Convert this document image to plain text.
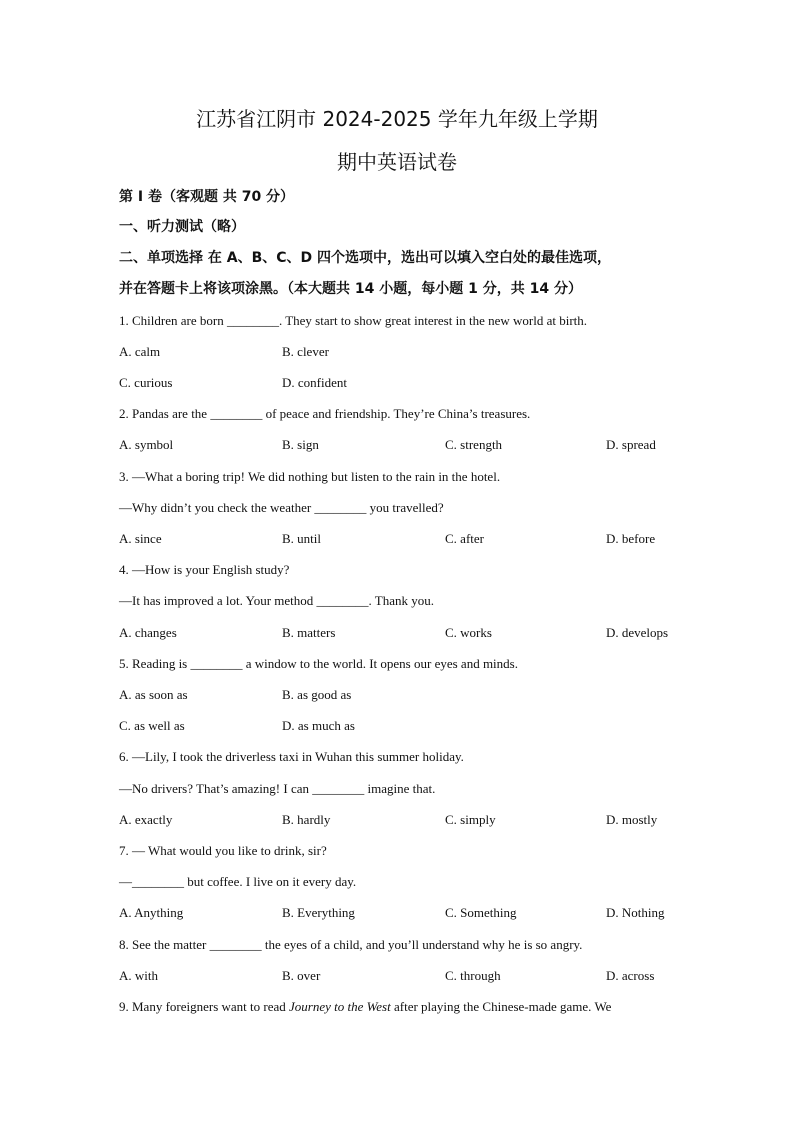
江苏省江阴市 2024-2025 学年九年级上学期
期中英语试卷
第 I 卷（客观题 共 70 分）
一、听力测试（略）
二、单项选择 在 A、B、C、D 四个选项中，选出可以填入空白处的最佳选项，
并在答题卡上将该项涂黑。（本大题共 14 小题，每小题 1 分，共 14 分）
1. Children are born ________. They start to show great interest in the new world at birth.
A. calm	B. clever
C. curious	D. confident
2. Pandas are the ________ of peace and friendship. They’re China’s treasures.
A. symbol	B. sign	C. strength	D. spread
3. —What a boring trip! We did nothing but listen to the rain in the hotel.
—Why didn’t you check the weather ________ you travelled?
A. since	B. until	C. after	D. before
4. —How is your English study?
—It has improved a lot. Your method ________. Thank you.
A. changes	B. matters	C. works	D. develops
5. Reading is ________ a window to the world. It opens our eyes and minds.
A. as soon as	B. as good as
C. as well as	D. as much as
6. —Lily, I took the driverless taxi in Wuhan this summer holiday.
—No drivers? That’s amazing! I can ________ imagine that.
A. exactly	B. hardly	C. simply	D. mostly
7. — What would you like to drink, sir?
—________ but coffee. I live on it every day.
A. Anything	B. Everything	C. Something	D. Nothing
8. See the matter ________ the eyes of a child, and you’ll understand why he is so angry.
A. with	B. over	C. through	D. across
9. Many foreigners want to read Journey to the West after playing the Chinese-made game. We
